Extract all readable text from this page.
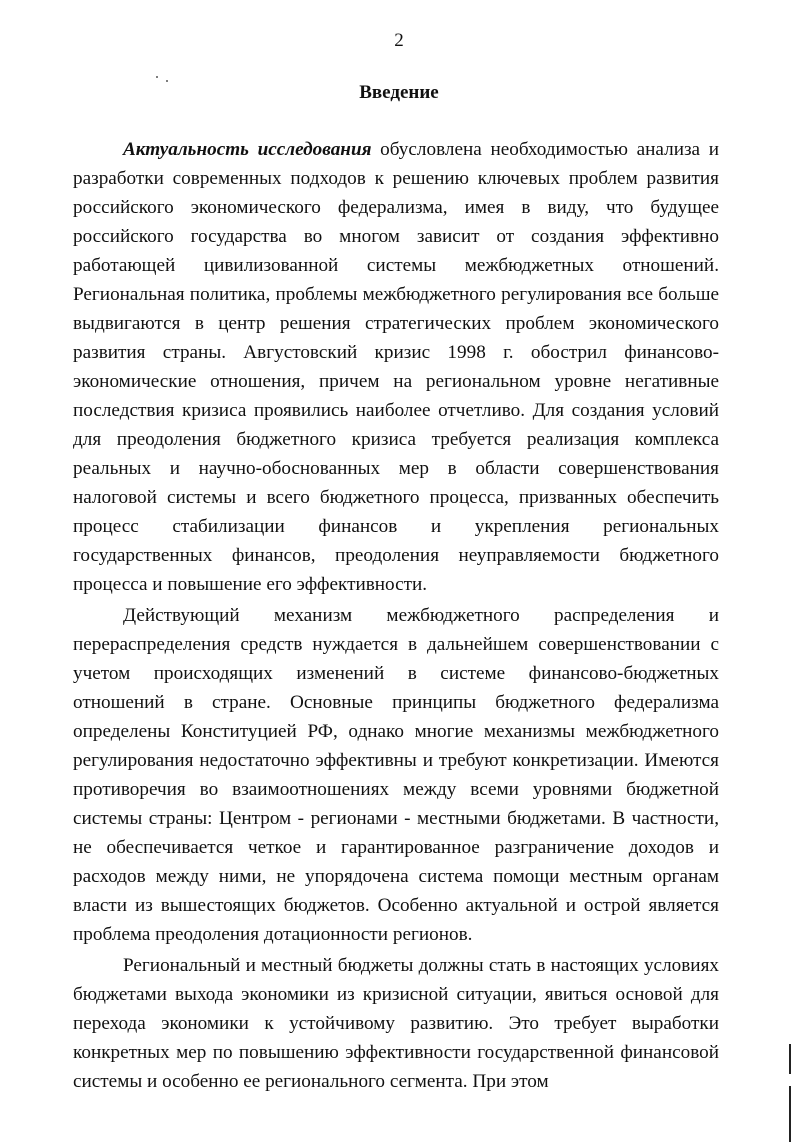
2
Введение

Актуальность исследования обусловлена необходимостью анализа и разработки современных подходов к решению ключевых проблем развития российского экономического федерализма, имея в виду, что будущее российского государства во многом зависит от создания эффективно работающей цивилизованной системы межбюджетных отношений. Региональная политика, проблемы межбюджетного регулирования все больше выдвигаются в центр решения стратегических проблем экономического развития страны. Августовский кризис 1998 г. обострил финансово-экономические отношения, причем на региональном уровне негативные последствия кризиса проявились наиболее отчетливо. Для создания условий для преодоления бюджетного кризиса требуется реализация комплекса реальных и научно-обоснованных мер в области совершенствования налоговой системы и всего бюджетного процесса, призванных обеспечить процесс стабилизации финансов и укрепления региональных государственных финансов, преодоления неуправляемости бюджетного процесса и повышение его эффективности.

Действующий механизм межбюджетного распределения и перераспределения средств нуждается в дальнейшем совершенствовании с учетом происходящих изменений в системе финансово-бюджетных отношений в стране. Основные принципы бюджетного федерализма определены Конституцией РФ, однако многие механизмы межбюджетного регулирования недостаточно эффективны и требуют конкретизации. Имеются противоречия во взаимоотношениях между всеми уровнями бюджетной системы страны: Центром - регионами - местными бюджетами. В частности, не обеспечивается четкое и гарантированное разграничение доходов и расходов между ними, не упорядочена система помощи местным органам власти из вышестоящих бюджетов. Особенно актуальной и острой является проблема преодоления дотационности регионов.

Региональный и местный бюджеты должны стать в настоящих условиях бюджетами выхода экономики из кризисной ситуации, явиться основой для перехода экономики к устойчивому развитию. Это требует выработки конкретных мер по повышению эффективности государственной финансовой системы и особенно ее регионального сегмента. При этом
